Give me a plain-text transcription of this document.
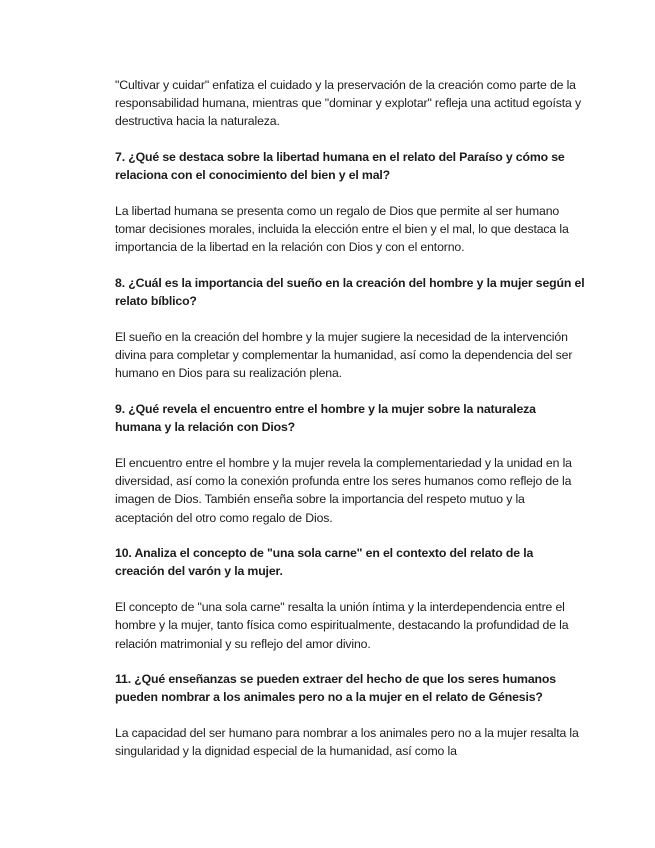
"Cultivar y cuidar" enfatiza el cuidado y la preservación de la creación como parte de la responsabilidad humana, mientras que "dominar y explotar" refleja una actitud egoísta y destructiva hacia la naturaleza.

7. ¿Qué se destaca sobre la libertad humana en el relato del Paraíso y cómo se relaciona con el conocimiento del bien y el mal?

La libertad humana se presenta como un regalo de Dios que permite al ser humano tomar decisiones morales, incluida la elección entre el bien y el mal, lo que destaca la importancia de la libertad en la relación con Dios y con el entorno.

8. ¿Cuál es la importancia del sueño en la creación del hombre y la mujer según el relato bíblico?

El sueño en la creación del hombre y la mujer sugiere la necesidad de la intervención divina para completar y complementar la humanidad, así como la dependencia del ser humano en Dios para su realización plena.

9. ¿Qué revela el encuentro entre el hombre y la mujer sobre la naturaleza humana y la relación con Dios?

El encuentro entre el hombre y la mujer revela la complementariedad y la unidad en la diversidad, así como la conexión profunda entre los seres humanos como reflejo de la imagen de Dios. También enseña sobre la importancia del respeto mutuo y la aceptación del otro como regalo de Dios.

10. Analiza el concepto de "una sola carne" en el contexto del relato de la creación del varón y la mujer.

El concepto de "una sola carne" resalta la unión íntima y la interdependencia entre el hombre y la mujer, tanto física como espiritualmente, destacando la profundidad de la relación matrimonial y su reflejo del amor divino.

11. ¿Qué enseñanzas se pueden extraer del hecho de que los seres humanos pueden nombrar a los animales pero no a la mujer en el relato de Génesis?

La capacidad del ser humano para nombrar a los animales pero no a la mujer resalta la singularidad y la dignidad especial de la humanidad, así como la
